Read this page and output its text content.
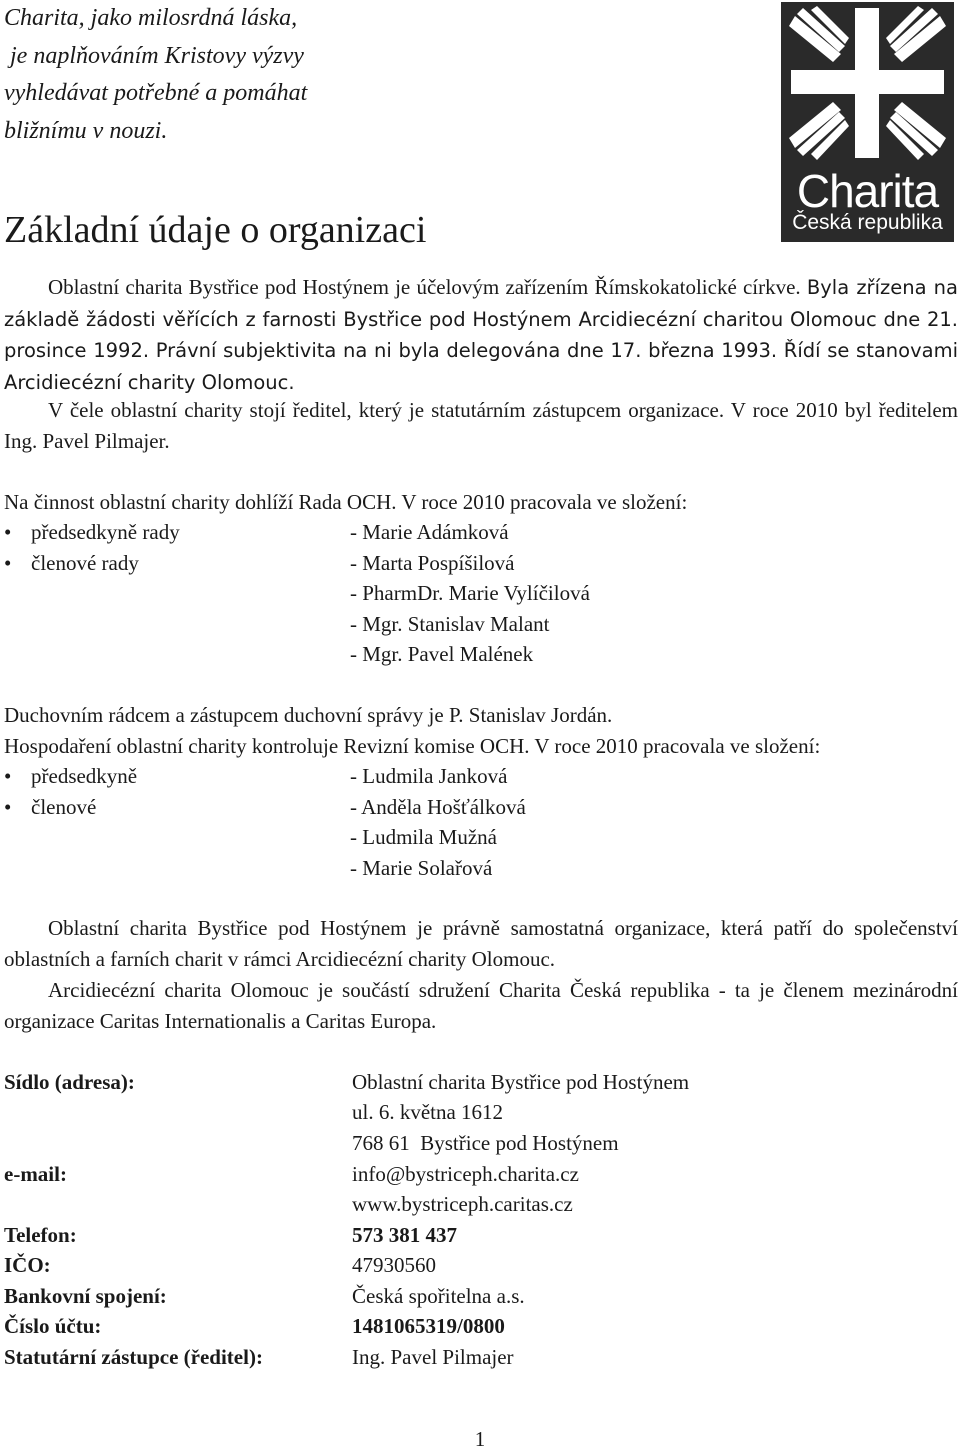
Charita, jako milosrdná láska,
je naplňováním Kristovy výzvy
vyhledávat potřebné a pomáhat
bližnímu v nouzi.
Charita
Česká republika
Základní údaje o organizaci
Oblastní charita Bystřice pod Hostýnem je účelovým zařízením Římskokatolické církve. Byla zřízena na základě žádosti věřících z farnosti Bystřice pod Hostýnem Arcidiecézní charitou Olomouc dne 21. prosince 1992. Právní subjektivita na ni byla delegována dne 17. března 1993. Řídí se stanovami Arcidiecézní charity Olomouc.
V čele oblastní charity stojí ředitel, který je statutárním zástupcem organizace. V roce 2010 byl ředitelem Ing. Pavel Pilmajer.
Na činnost oblastní charity dohlíží Rada OCH. V roce 2010 pracovala ve složení:
• předsedkyně rady	- Marie Adámková
• členové rady	- Marta Pospíšilová
- PharmDr. Marie Vylíčilová
- Mgr. Stanislav Malant
- Mgr. Pavel Malének
Duchovním rádcem a zástupcem duchovní správy je P. Stanislav Jordán.
Hospodaření oblastní charity kontroluje Revizní komise OCH. V roce 2010 pracovala ve složení:
• předsedkyně	- Ludmila Janková
• členové	- Anděla Hošťálková
- Ludmila Mužná
- Marie Solařová
Oblastní charita Bystřice pod Hostýnem je právně samostatná organizace, která patří do společenství oblastních a farních charit v rámci Arcidiecézní charity Olomouc.
Arcidiecézní charita Olomouc je součástí sdružení Charita Česká republika - ta je členem mezinárodní organizace Caritas Internationalis a Caritas Europa.
Sídlo (adresa):	Oblastní charita Bystřice pod Hostýnem
ul. 6. května 1612
768 61  Bystřice pod Hostýnem
e-mail:	info@bystriceph.charita.cz
www.bystriceph.caritas.cz
Telefon:	573 381 437
IČO:	47930560
Bankovní spojení:	Česká spořitelna a.s.
Číslo účtu:	1481065319/0800
Statutární zástupce (ředitel):	Ing. Pavel Pilmajer
1
